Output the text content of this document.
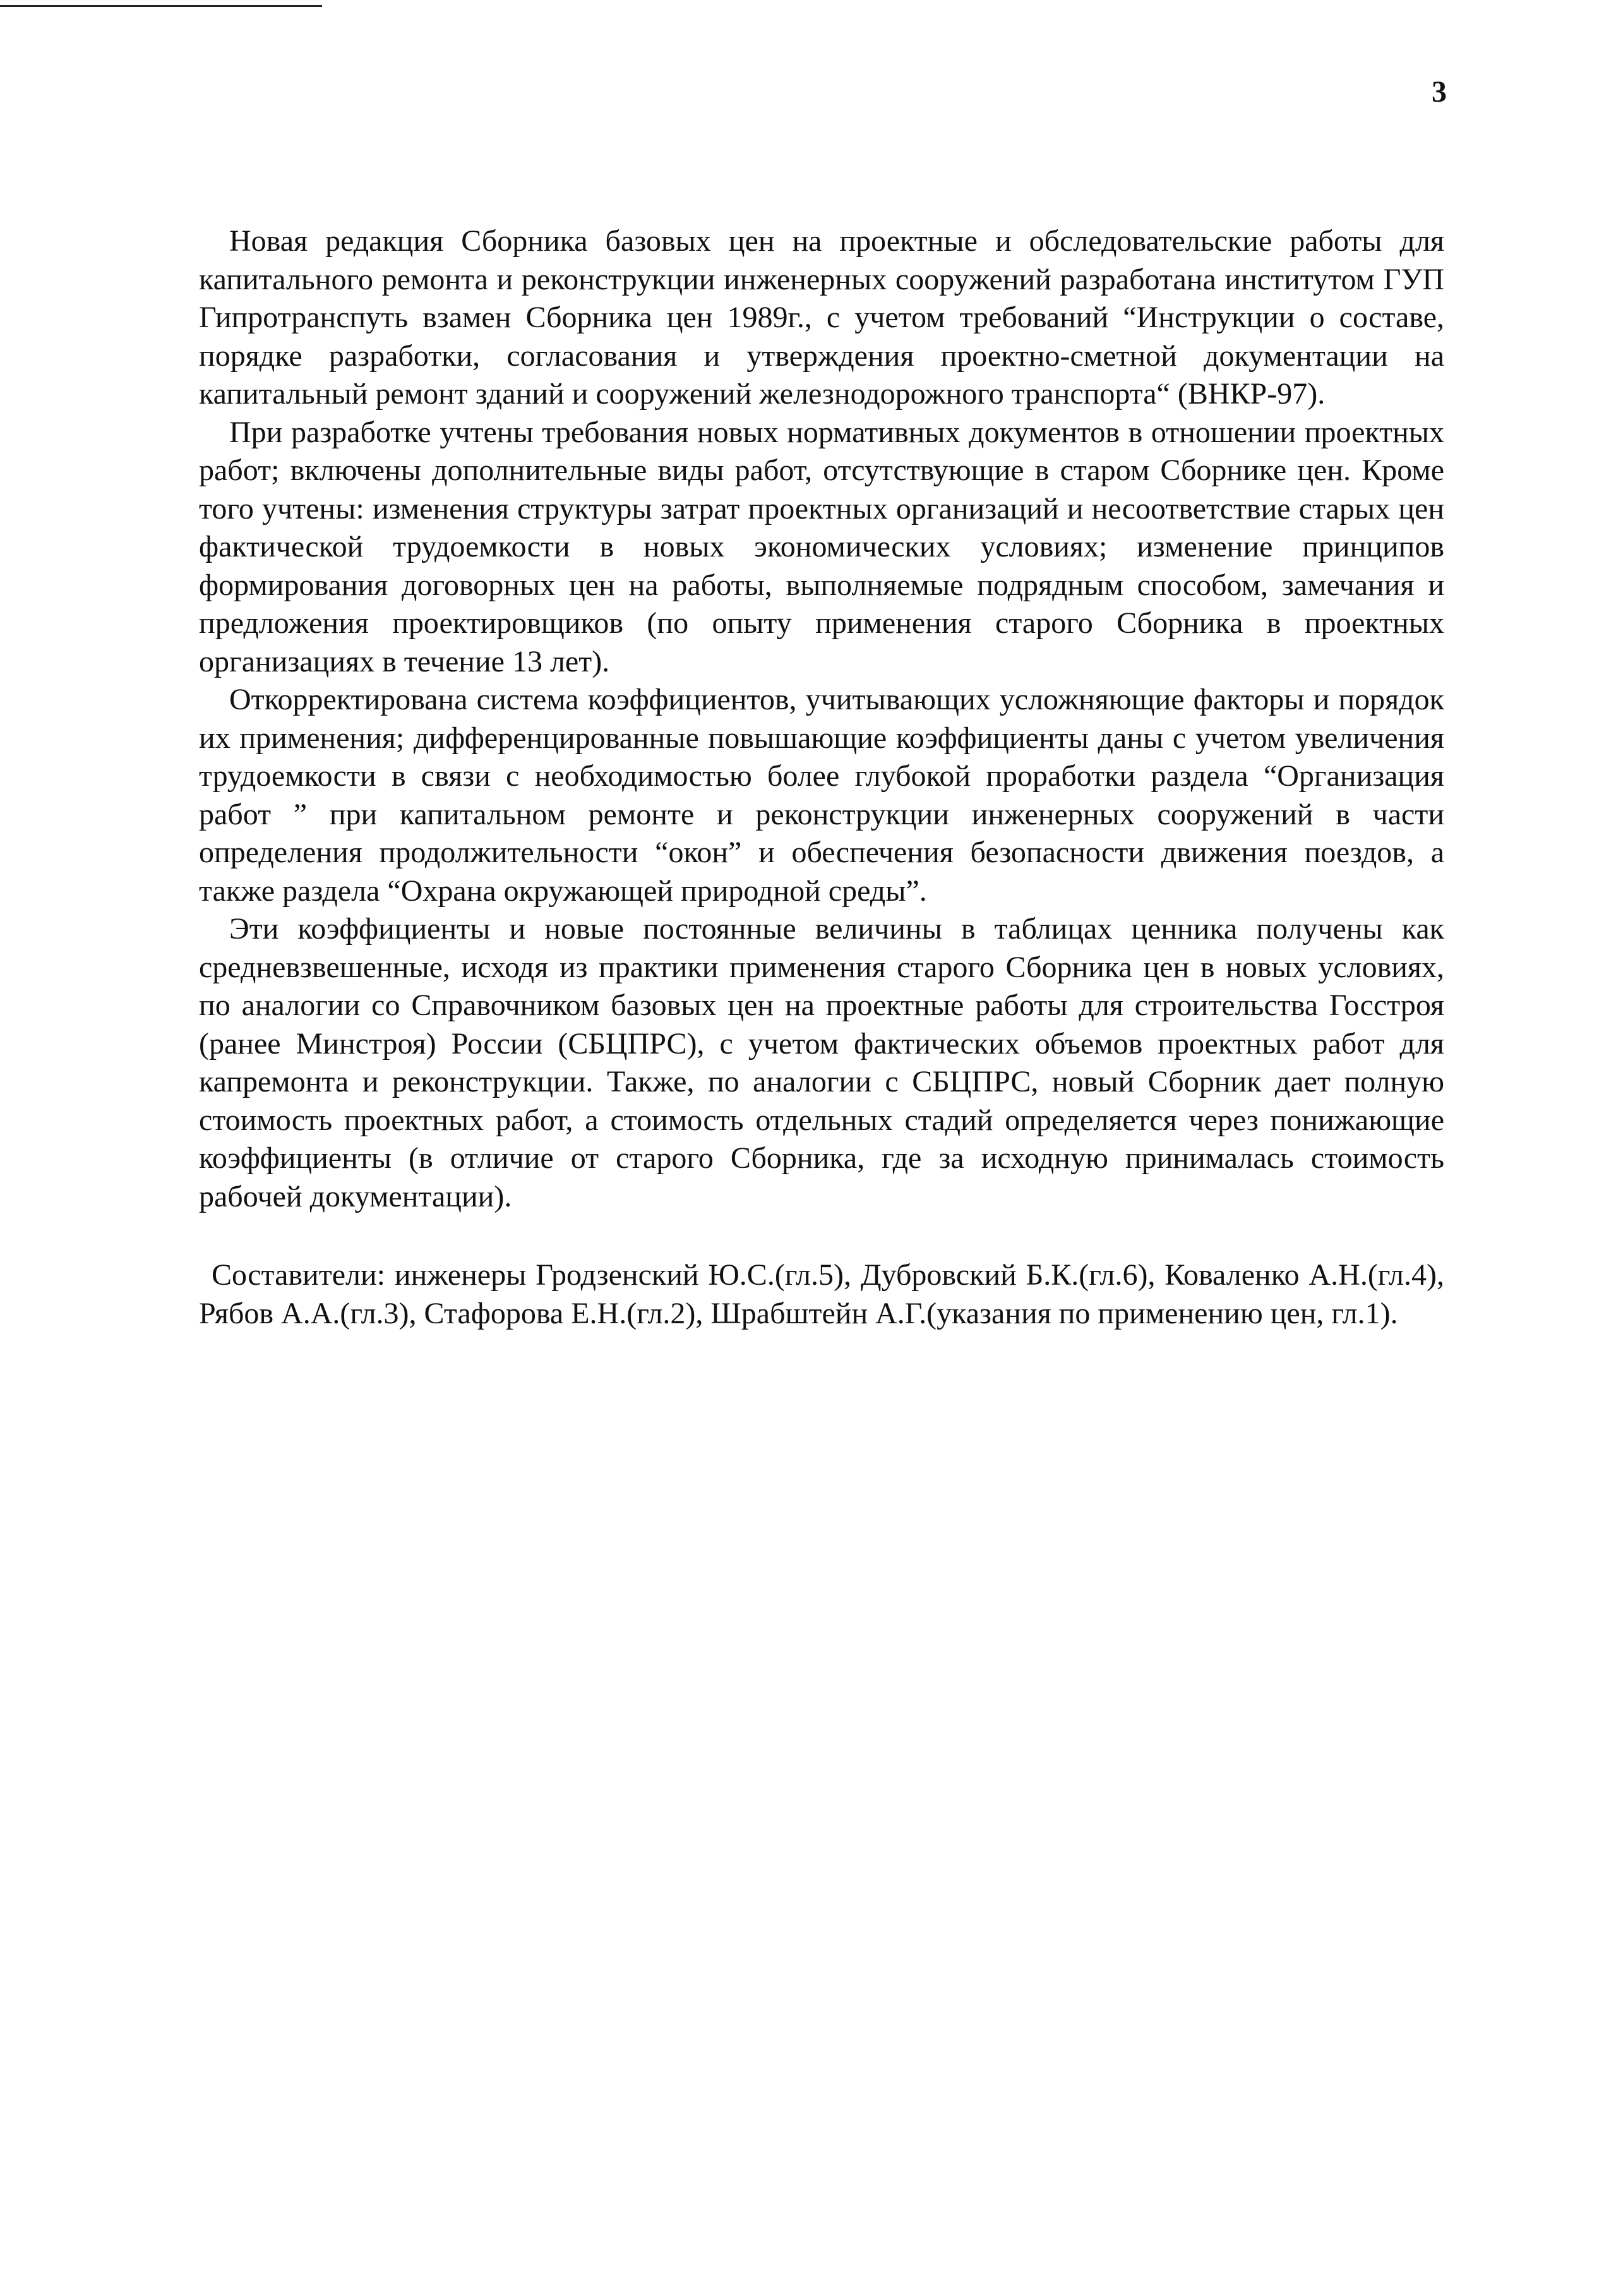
3

Новая редакция Сборника базовых цен на проектные и обследовательские работы для капитального ремонта и реконструкции инженерных сооружений разработана институтом ГУП Гипротранспуть взамен Сборника цен 1989г., с учетом требований “Инструкции о составе, порядке разработки, согласования и утверждения проектно-сметной документации на капитальный ремонт зданий и сооружений железнодорожного транспорта“ (ВНКР-97).

При разработке учтены требования новых нормативных документов в отношении проектных работ; включены дополнительные виды работ, отсутствующие в старом Сборнике цен. Кроме того учтены: изменения структуры затрат проектных организаций и несоответствие старых цен фактической трудоемкости в новых экономических условиях; изменение принципов формирования договорных цен на работы, выполняемые подрядным способом, замечания и предложения проектировщиков (по опыту применения старого Сборника в проектных организациях в течение 13 лет).

Откорректирована система коэффициентов, учитывающих усложняющие факторы и порядок их применения; дифференцированные повышающие коэффициенты даны с учетом увеличения трудоемкости в связи с необходимостью более глубокой проработки раздела “Организация работ ” при капитальном ремонте и реконструкции инженерных сооружений в части определения продолжительности “окон” и обеспечения безопасности движения поездов, а также раздела “Охрана окружающей природной среды”.

Эти коэффициенты и новые постоянные величины в таблицах ценника получены как средневзвешенные, исходя из практики применения старого Сборника цен в новых условиях, по аналогии со Справочником базовых цен на проектные работы для строительства Госстроя (ранее Минстроя) России (СБЦПРС), с учетом фактических объемов проектных работ для капремонта и реконструкции. Также, по аналогии с СБЦПРС, новый Сборник дает полную стоимость проектных работ, а стоимость отдельных стадий определяется через понижающие коэффициенты (в отличие от старого Сборника, где за исходную принималась стоимость рабочей документации).

Составители: инженеры Гродзенский Ю.С.(гл.5), Дубровский Б.К.(гл.6), Коваленко А.Н.(гл.4), Рябов А.А.(гл.3), Стафорова Е.Н.(гл.2), Шрабштейн А.Г.(указания по применению цен, гл.1).
